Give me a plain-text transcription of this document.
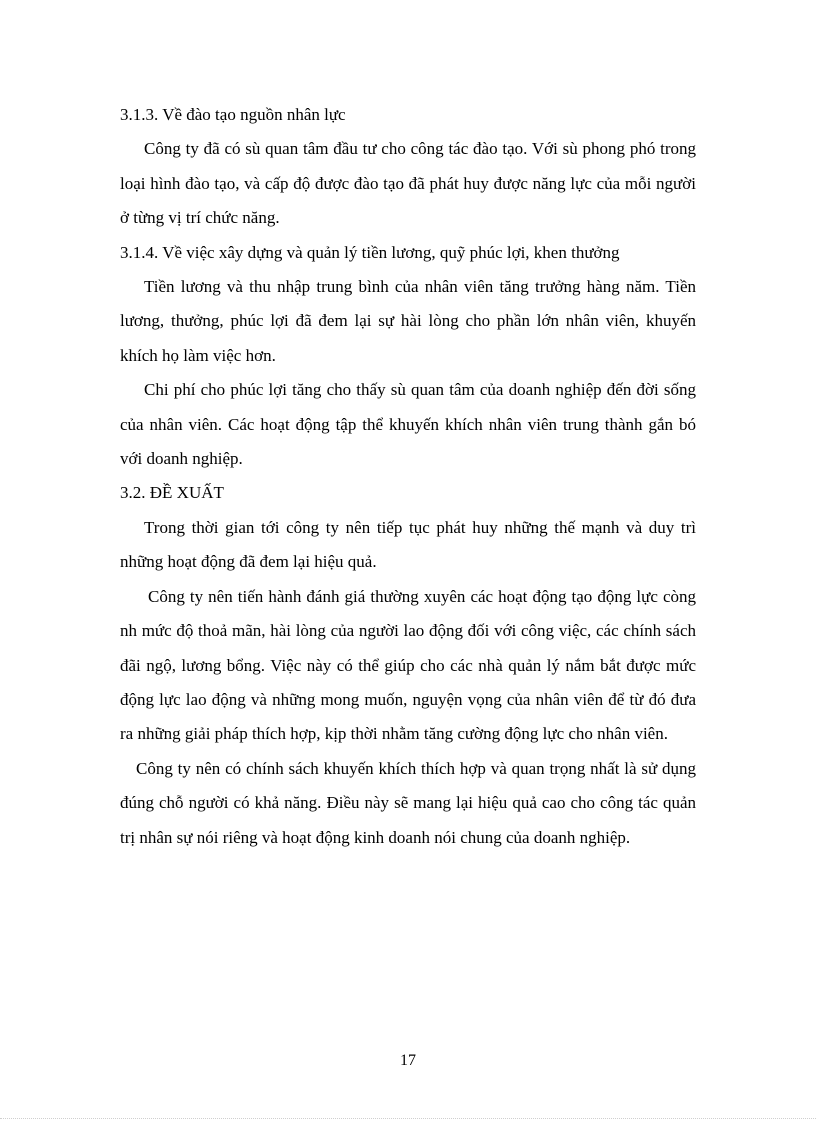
3.1.3. Về đào tạo nguồn nhân lực

Công ty đã có sù quan tâm đầu tư cho công tác đào tạo. Với sù phong phó trong loại hình đào tạo, và cấp độ được đào tạo đã phát huy được năng lực của mỗi người ở từng vị trí chức năng.

3.1.4. Về việc xây dựng và quản lý tiền lương, quỹ phúc lợi, khen thưởng

Tiền lương và thu nhập trung bình của nhân viên tăng trưởng hàng năm. Tiền lương, thưởng, phúc lợi đã đem lại sự hài lòng cho phần lớn nhân viên, khuyến khích họ làm việc hơn.

Chi phí cho phúc lợi tăng cho thấy sù quan tâm của doanh nghiệp đến đời sống của nhân viên. Các hoạt động tập thể khuyến khích nhân viên trung thành gắn bó với doanh nghiệp.

3.2. ĐỀ XUẤT

Trong thời gian tới công ty nên tiếp tục phát huy những thế mạnh và duy trì những hoạt động đã đem lại hiệu quả.

Công ty nên tiến hành đánh giá thường xuyên các hoạt động tạo động lực còng nh mức độ thoả mãn, hài lòng của người lao động đối với công việc, các chính sách đãi ngộ, lương bổng. Việc này có thể giúp cho các nhà quản lý nắm bắt được mức động lực lao động và những mong muốn, nguyện vọng của nhân viên để từ đó đưa ra những giải pháp thích hợp, kịp thời nhằm tăng cường động lực cho nhân viên.

Công ty nên có chính sách khuyến khích thích hợp và quan trọng nhất là sử dụng đúng chỗ người có khả năng. Điều này sẽ mang lại hiệu quả cao cho công tác quản trị nhân sự nói riêng và hoạt động kinh doanh nói chung của doanh nghiệp.

17
